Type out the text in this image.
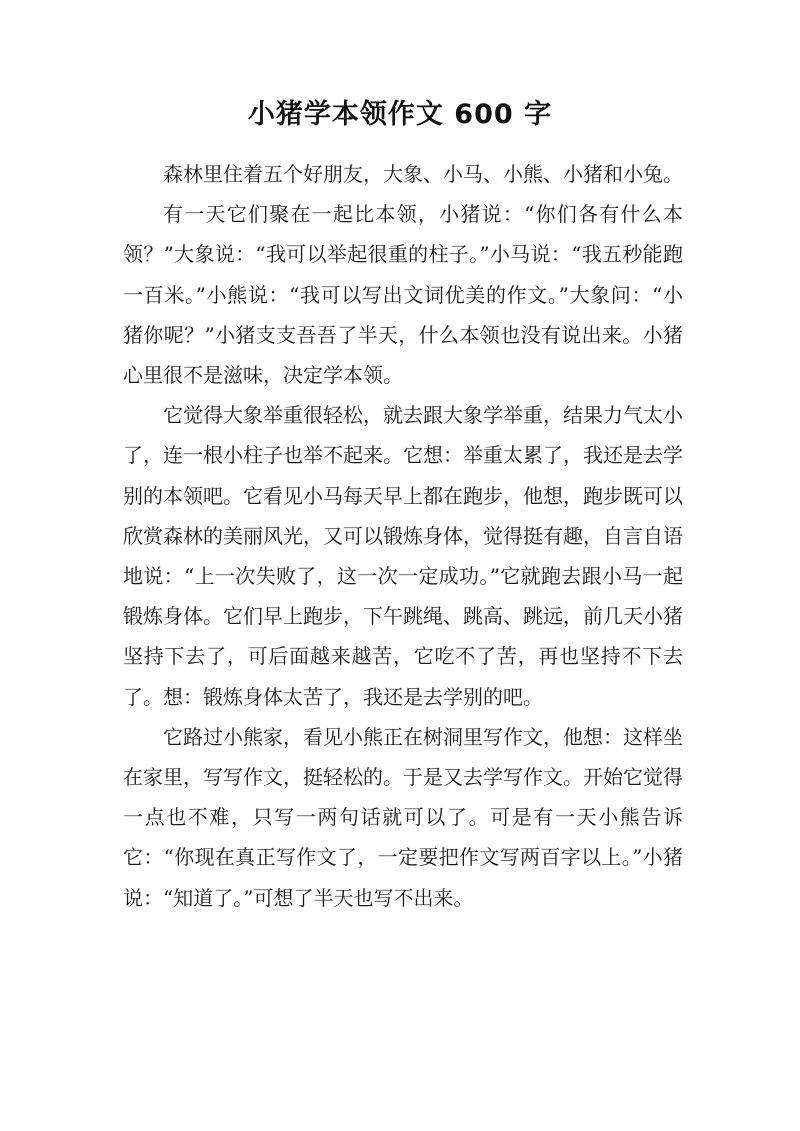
小猪学本领作文 600 字

森林里住着五个好朋友，大象、小马、小熊、小猪和小兔。

有一天它们聚在一起比本领，小猪说：“你们各有什么本领？”大象说：“我可以举起很重的柱子。”小马说：“我五秒能跑一百米。”小熊说：“我可以写出文词优美的作文。”大象问：“小猪你呢？”小猪支支吾吾了半天，什么本领也没有说出来。小猪心里很不是滋味，决定学本领。

它觉得大象举重很轻松，就去跟大象学举重，结果力气太小了，连一根小柱子也举不起来。它想：举重太累了，我还是去学别的本领吧。它看见小马每天早上都在跑步，他想，跑步既可以欣赏森林的美丽风光，又可以锻炼身体，觉得挺有趣，自言自语地说：“上一次失败了，这一次一定成功。”它就跑去跟小马一起锻炼身体。它们早上跑步，下午跳绳、跳高、跳远，前几天小猪坚持下去了，可后面越来越苦，它吃不了苦，再也坚持不下去了。想：锻炼身体太苦了，我还是去学别的吧。

它路过小熊家，看见小熊正在树洞里写作文，他想：这样坐在家里，写写作文，挺轻松的。于是又去学写作文。开始它觉得一点也不难，只写一两句话就可以了。可是有一天小熊告诉它：“你现在真正写作文了，一定要把作文写两百字以上。”小猪说：“知道了。”可想了半天也写不出来。
